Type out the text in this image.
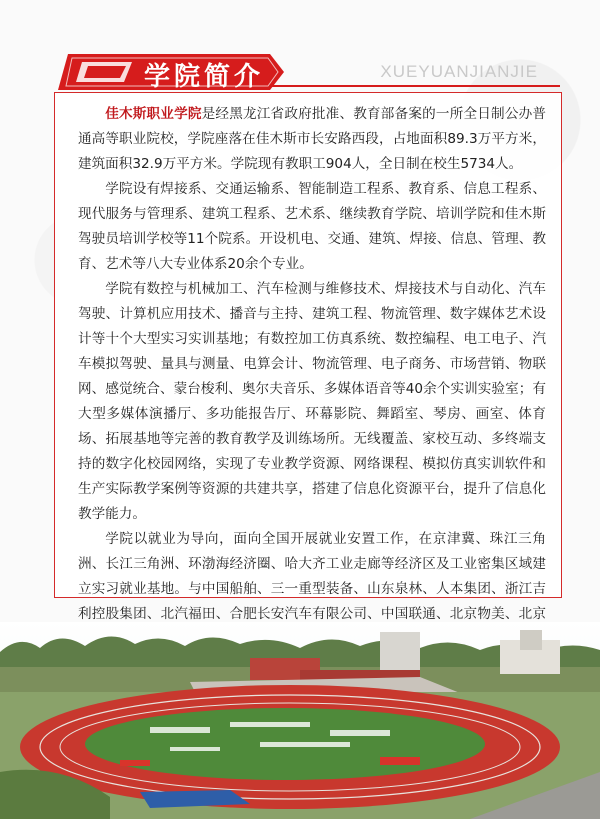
学院简介	XUEYUANJIANJIE

佳木斯职业学院是经黑龙江省政府批准、教育部备案的一所全日制公办普通高等职业院校，学院座落在佳木斯市长安路西段，占地面积89.3万平方米，建筑面积32.9万平方米。学院现有教职工904人，全日制在校生5734人。

学院设有焊接系、交通运输系、智能制造工程系、教育系、信息工程系、现代服务与管理系、建筑工程系、艺术系、继续教育学院、培训学院和佳木斯驾驶员培训学校等11个院系。开设机电、交通、建筑、焊接、信息、管理、教育、艺术等八大专业体系20余个专业。

学院有数控与机械加工、汽车检测与维修技术、焊接技术与自动化、汽车驾驶、计算机应用技术、播音与主持、建筑工程、物流管理、数字媒体艺术设计等十个大型实习实训基地；有数控加工仿真系统、数控编程、电工电子、汽车模拟驾驶、量具与测量、电算会计、物流管理、电子商务、市场营销、物联网、感觉统合、蒙台梭利、奥尔夫音乐、多媒体语音等40余个实训实验室；有大型多媒体演播厅、多功能报告厅、环幕影院、舞蹈室、琴房、画室、体育场、拓展基地等完善的教育教学及训练场所。无线覆盖、家校互动、多终端支持的数字化校园网络，实现了专业教学资源、网络课程、模拟仿真实训软件和生产实际教学案例等资源的共建共享，搭建了信息化资源平台，提升了信息化教学能力。

学院以就业为导向，面向全国开展就业安置工作，在京津冀、珠江三角洲、长江三角洲、环渤海经济圈、哈大齐工业走廊等经济区及工业密集区域建立实习就业基地。与中国船舶、三一重型装备、山东泉林、人本集团、浙江吉利控股集团、北汽福田、合肥长安汽车有限公司、中国联通、北京物美、北京
